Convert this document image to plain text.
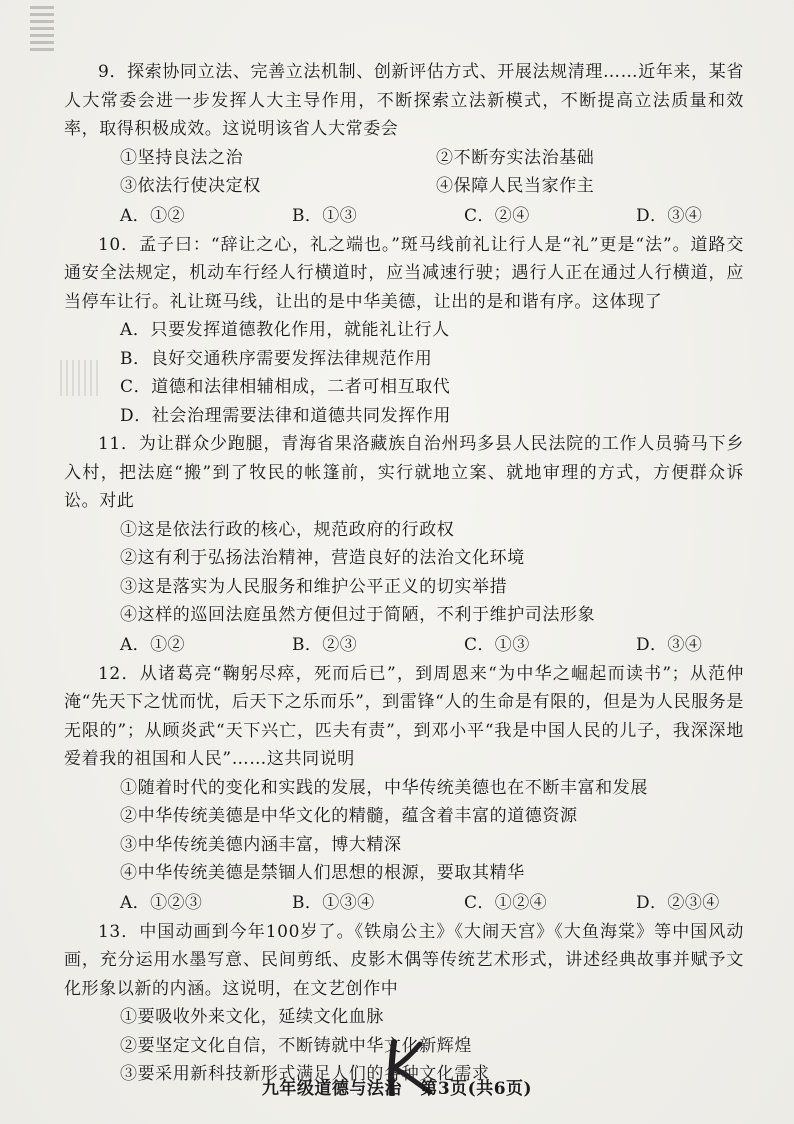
9．探索协同立法、完善立法机制、创新评估方式、开展法规清理……近年来，某省人大常委会进一步发挥人大主导作用，不断探索立法新模式，不断提高立法质量和效率，取得积极成效。这说明该省人大常委会

①坚持良法之治	②不断夯实法治基础
③依法行使决定权	④保障人民当家作主
A．①②	B．①③	C．②④	D．③④

10．孟子曰：“辞让之心，礼之端也。”斑马线前礼让行人是“礼”更是“法”。道路交通安全法规定，机动车行经人行横道时，应当减速行驶；遇行人正在通过人行横道，应当停车让行。礼让斑马线，让出的是中华美德，让出的是和谐有序。这体现了

A．只要发挥道德教化作用，就能礼让行人

B．良好交通秩序需要发挥法律规范作用

C．道德和法律相辅相成，二者可相互取代

D．社会治理需要法律和道德共同发挥作用

11．为让群众少跑腿，青海省果洛藏族自治州玛多县人民法院的工作人员骑马下乡入村，把法庭“搬”到了牧民的帐篷前，实行就地立案、就地审理的方式，方便群众诉讼。对此

①这是依法行政的核心，规范政府的行政权

②这有利于弘扬法治精神，营造良好的法治文化环境

③这是落实为人民服务和维护公平正义的切实举措

④这样的巡回法庭虽然方便但过于简陋，不利于维护司法形象

A．①②	B．②③	C．①③	D．③④

12．从诸葛亮“鞠躬尽瘁，死而后已”，到周恩来“为中华之崛起而读书”；从范仲淹“先天下之忧而忧，后天下之乐而乐”，到雷锋“人的生命是有限的，但是为人民服务是无限的”；从顾炎武“天下兴亡，匹夫有责”，到邓小平“我是中国人民的儿子，我深深地爱着我的祖国和人民”……这共同说明

①随着时代的变化和实践的发展，中华传统美德也在不断丰富和发展

②中华传统美德是中华文化的精髓，蕴含着丰富的道德资源

③中华传统美德内涵丰富，博大精深

④中华传统美德是禁锢人们思想的根源，要取其精华

A．①②③	B．①③④	C．①②④	D．②③④

13．中国动画到今年100岁了。《铁扇公主》《大闹天宫》《大鱼海棠》等中国风动画，充分运用水墨写意、民间剪纸、皮影木偶等传统艺术形式，讲述经典故事并赋予文化形象以新的内涵。这说明，在文艺创作中

①要吸收外来文化，延续文化血脉

②要坚定文化自信，不断铸就中华文化新辉煌

③要采用新科技新形式满足人们的各种文化需求

九年级道德与法治 第3页(共6页)
